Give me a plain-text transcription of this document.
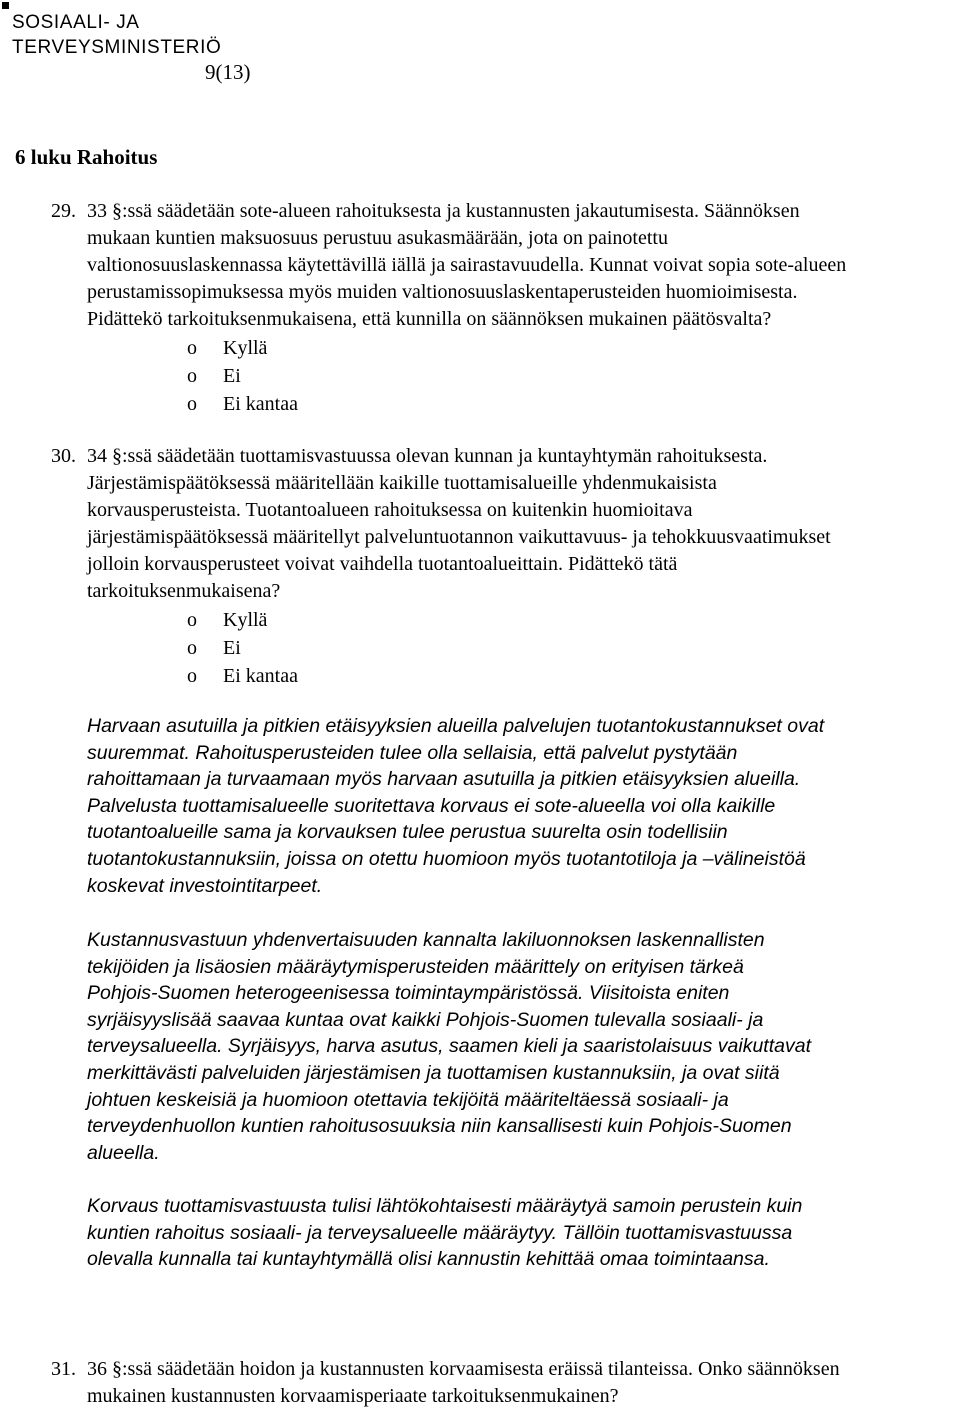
SOSIAALI- JA
TERVEYSMINISTERIÖ
9(13)
6 luku Rahoitus
29. 33 §:ssä säädetään sote-alueen rahoituksesta ja kustannusten jakautumisesta. Säännöksen

mukaan kuntien maksuosuus perustuu asukasmäärään, jota on painotettu

valtionosuuslaskennassa käytettävillä iällä ja sairastavuudella. Kunnat voivat sopia sote-alueen

perustamissopimuksessa myös muiden valtionosuuslaskentaperusteiden huomioimisesta.

Pidättekö tarkoituksenmukaisena, että kunnilla on säännöksen mukainen päätösvalta?

o Kyllä
o Ei
o Ei kantaa
30. 34 §:ssä säädetään tuottamisvastuussa olevan kunnan ja kuntayhtymän rahoituksesta.

Järjestämispäätöksessä määritellään kaikille tuottamisalueille yhdenmukaisista

korvausperusteista. Tuotantoalueen rahoituksessa on kuitenkin huomioitava

järjestämispäätöksessä määritellyt palveluntuotannon vaikuttavuus- ja tehokkuusvaatimukset

jolloin korvausperusteet voivat vaihdella tuotantoalueittain. Pidättekö tätä

tarkoituksenmukaisena?

o Kyllä
o Ei
o Ei kantaa

Harvaan asutuilla ja pitkien etäisyyksien alueilla palvelujen tuotantokustannukset ovat

suuremmat. Rahoitusperusteiden tulee olla sellaisia, että palvelut pystytään

rahoittamaan ja turvaamaan myös harvaan asutuilla ja pitkien etäisyyksien alueilla.

Palvelusta tuottamisalueelle suoritettava korvaus ei sote-alueella voi olla kaikille

tuotantoalueille sama ja korvauksen tulee perustua suurelta osin todellisiin

tuotantokustannuksiin, joissa on otettu huomioon myös tuotantotiloja ja –välineistöä

koskevat investointitarpeet.

Kustannusvastuun yhdenvertaisuuden kannalta lakiluonnoksen laskennallisten

tekijöiden ja lisäosien määräytymisperusteiden määrittely on erityisen tärkeä

Pohjois-Suomen heterogeenisessa toimintaympäristössä. Viisitoista eniten

syrjäisyyslisää saavaa kuntaa ovat kaikki Pohjois-Suomen tulevalla sosiaali- ja

terveysalueella. Syrjäisyys, harva asutus, saamen kieli ja saaristolaisuus vaikuttavat

merkittävästi palveluiden järjestämisen ja tuottamisen kustannuksiin, ja ovat siitä

johtuen keskeisiä ja huomioon otettavia tekijöitä määriteltäessä sosiaali- ja

terveydenhuollon kuntien rahoitusosuuksia niin kansallisesti kuin Pohjois-Suomen

alueella.

Korvaus tuottamisvastuusta tulisi lähtökohtaisesti määräytyä samoin perustein kuin

kuntien rahoitus sosiaali- ja terveysalueelle määräytyy. Tällöin tuottamisvastuussa

olevalla kunnalla tai kuntayhtymällä olisi kannustin kehittää omaa toimintaansa.

31. 36 §:ssä säädetään hoidon ja kustannusten korvaamisesta eräissä tilanteissa. Onko säännöksen

mukainen kustannusten korvaamisperiaate tarkoituksenmukainen?
